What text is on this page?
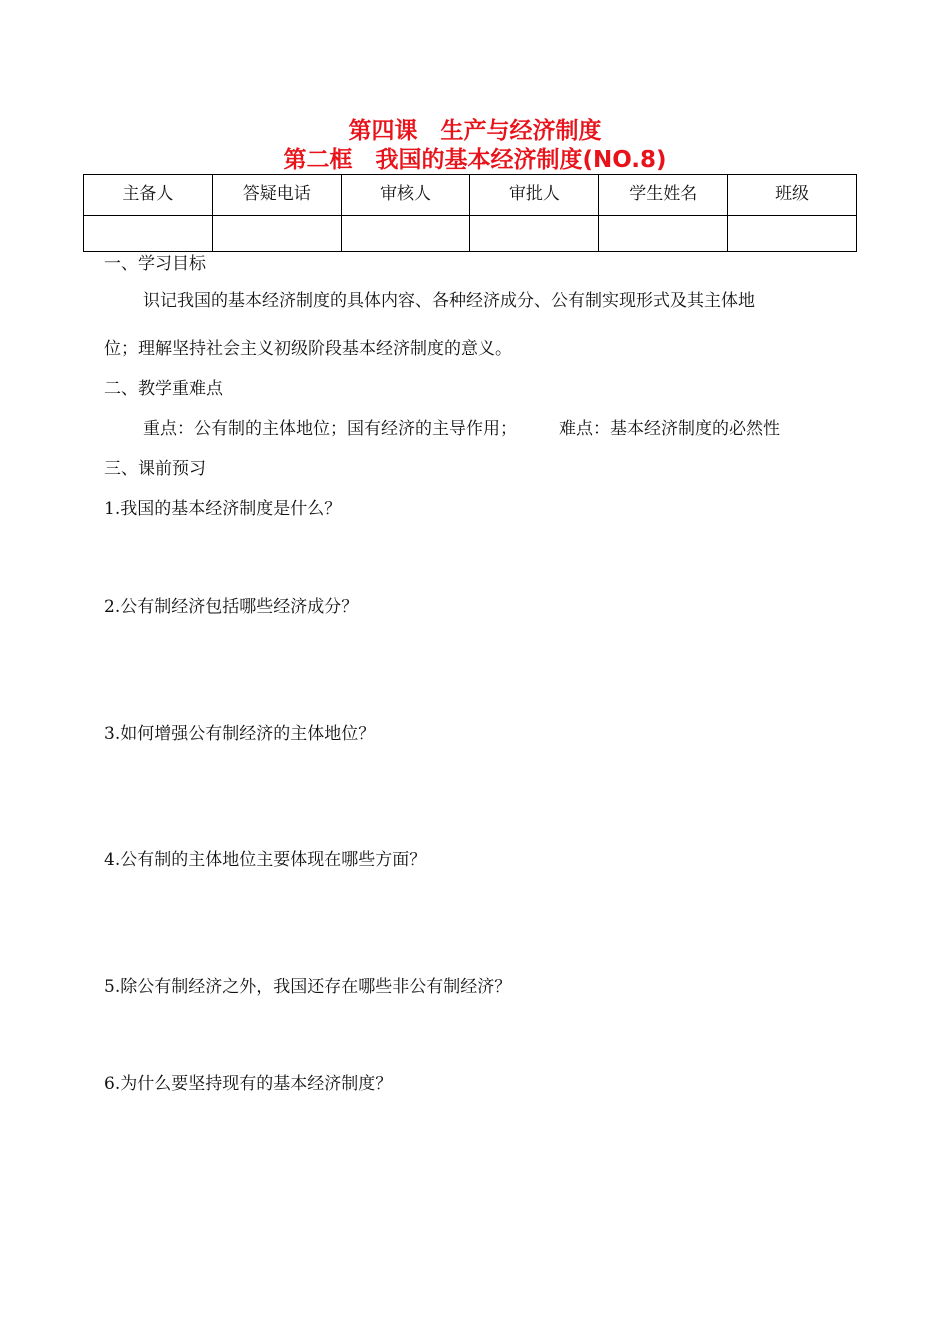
第四课　生产与经济制度
第二框　我国的基本经济制度(NO.8)
主备人	答疑电话	审核人	审批人	学生姓名	班级

一、学习目标
识记我国的基本经济制度的具体内容、各种经济成分、公有制实现形式及其主体地
位；理解坚持社会主义初级阶段基本经济制度的意义。
二、教学重难点
重点：公有制的主体地位；国有经济的主导作用； 难点：基本经济制度的必然性
三、课前预习
1.我国的基本经济制度是什么？
2.公有制经济包括哪些经济成分？
3.如何增强公有制经济的主体地位？
4.公有制的主体地位主要体现在哪些方面？
5.除公有制经济之外，我国还存在哪些非公有制经济？
6.为什么要坚持现有的基本经济制度？
